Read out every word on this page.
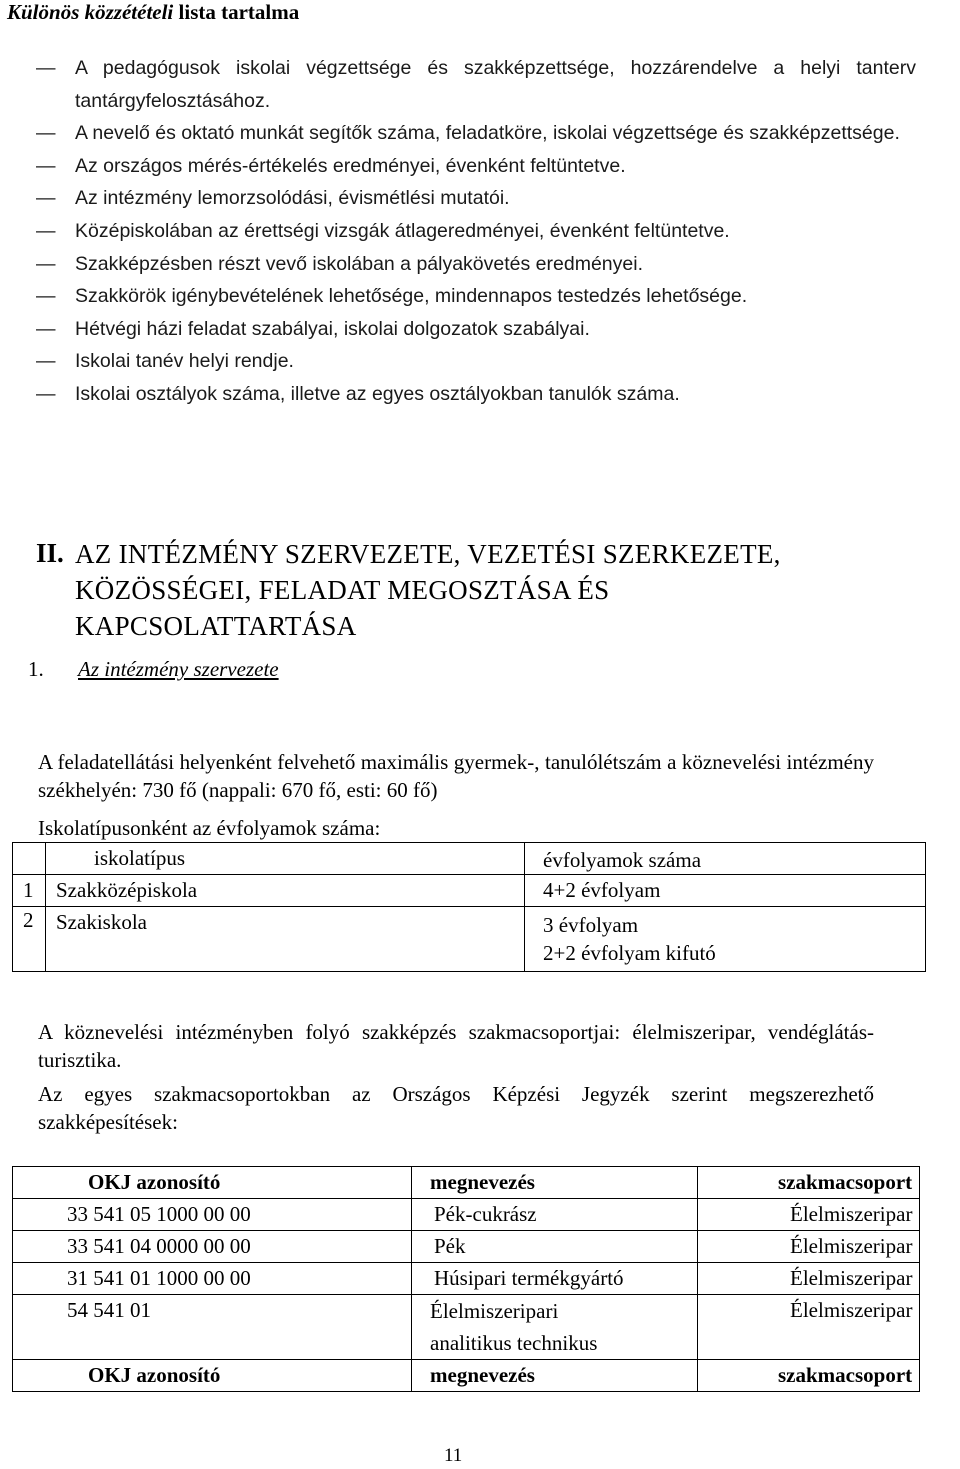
Különös közzétételi lista tartalma
— A pedagógusok iskolai végzettsége és szakképzettsége, hozzárendelve a helyi tanterv tantárgyfelosztásához.
— A nevelő és oktató munkát segítők száma, feladatköre, iskolai végzettsége és szakképzettsége.
— Az országos mérés-értékelés eredményei, évenként feltüntetve.
— Az intézmény lemorzsolódási, évismétlési mutatói.
— Középiskolában az érettségi vizsgák átlageredményei, évenként feltüntetve.
— Szakképzésben részt vevő iskolában a pályakövetés eredményei.
— Szakkörök igénybevételének lehetősége, mindennapos testedzés lehetősége.
— Hétvégi házi feladat szabályai, iskolai dolgozatok szabályai.
— Iskolai tanév helyi rendje.
— Iskolai osztályok száma, illetve az egyes osztályokban tanulók száma.
II. AZ INTÉZMÉNY SZERVEZETE, VEZETÉSI SZERKEZETE, KÖZÖSSÉGEI, FELADAT MEGOSZTÁSA ÉS KAPCSOLATTARTÁSA
1. Az intézmény szervezete
A feladatellátási helyenként felvehető maximális gyermek-, tanulólétszám a köznevelési intézmény székhelyén: 730 fő (nappali: 670 fő, esti: 60 fő)
Iskolatípusonként az évfolyamok száma:
	iskolatípus	évfolyamok száma
1	Szakközépiskola	4+2 évfolyam
2	Szakiskola	3 évfolyam
2+2 évfolyam kifutó
A köznevelési intézményben folyó szakképzés szakmacsoportjai: élelmiszeripar, vendéglátás-turisztika.
Az egyes szakmacsoportokban az Országos Képzési Jegyzék szerint megszerezhető szakképesítések:
OKJ azonosító	megnevezés	szakmacsoport
33 541 05 1000 00 00	Pék-cukrász	Élelmiszeripar
33 541 04 0000 00 00	Pék	Élelmiszeripar
31 541 01 1000 00 00	Húsipari termékgyártó	Élelmiszeripar
54 541 01	Élelmiszeripari analitikus technikus	Élelmiszeripar
OKJ azonosító	megnevezés	szakmacsoport
11
